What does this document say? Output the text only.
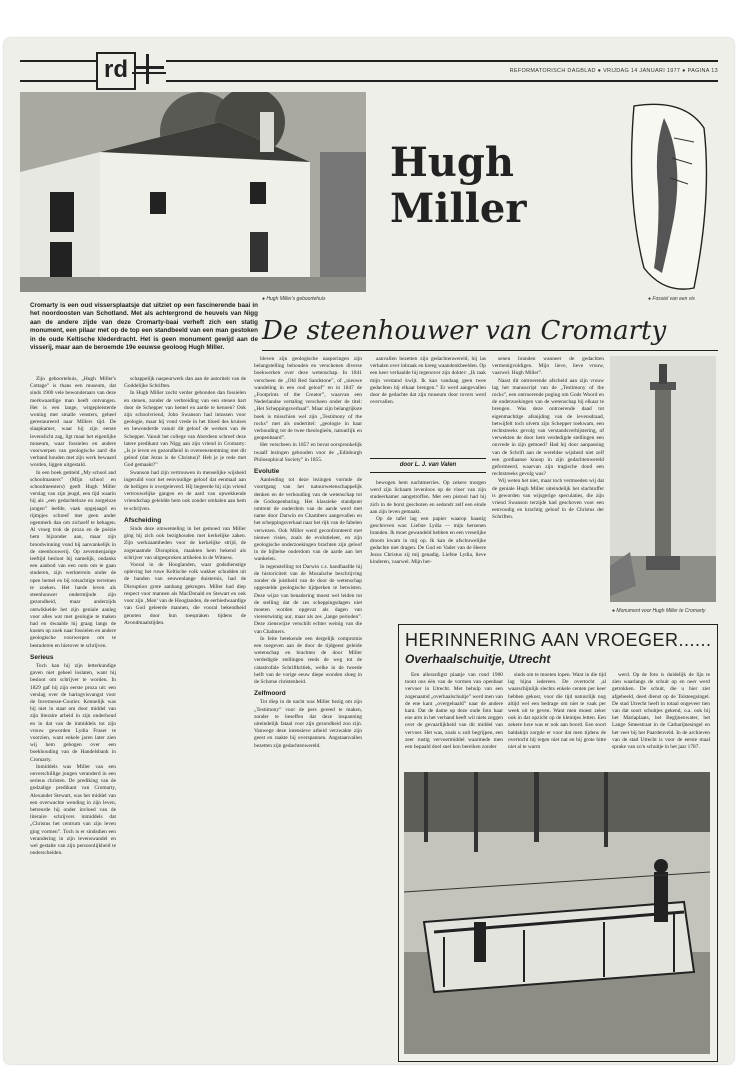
rd	REFORMATORISCH DAGBLAD ● VRIJDAG 14 JANUARI 1977 ● PAGINA 13
● Hugh Miller's geboortehuis
Hugh Miller
● Fossiel van een vis
De steenhouwer van Cromarty
Cromarty is een oud vissersplaatsje dat uitziet op een fascinerende baai in het noordoosten van Schotland. Met als achtergrond de heuvels van Nigg aan de andere zijde van deze Cromarty-baai verheft zich een statig monument, een pilaar met op de top een standbeeld van een man gestoken in de oude Keltische klederdracht. Het is geen monument gewijd aan de visserij, maar aan de beroemde 19e eeuwse geoloog Hugh Miller.

Zijn geboortehuis, „Hugh Miller's Cottage” is thans een museum, dat sinds 1900 vele bewonderaars van deze merkwaardige man heeft ontvangen. Het is een lange, witgepleisterde woning met smalle vensters, geheel gerestaureerd naar Millers tijd. De slaapkamer, waar hij zijn eerste levenslicht zag, ligt maar het eigenlijke museum, waar fossielen en andere voorwerpen van geologische aard die verband houden met zijn werk bewaard worden, liggen uitgestald.

In een boek getiteld „My school and schoolmasters” (Mijn school en schoolmeesters) geeft Hugh Miller verslag van zijn jeugd, een tijd waarin hij als „een gedachteloze en zorgeloze jongen” leefde, vaak opgejaagd en rijmpjes schreef met geen ander ogenmerk dan om zichzelf te behagen. Al vroeg trok de proza en de poëzie hem bijzonder aan, maar zijn broodwinning vond hij aanvankelijk in de steenhouwerij. Op zeventienjarige leeftijd besloot hij namelijk, ondanks een aanbod van een oom om te gaan studeren, zijn werkterrein onder de open hemel en bij rotsachtige terreinen te zoeken. Het harde leven als steenhouwer ondermijnde zijn gezondheid, maar anderzijds ontwikkelde het zijn geniale aanleg voor alles wat met geologie te maken had en dwaalde hij graag langs de kusten op zoek naar fossielen en andere geologische voorwerpen om te bestuderen en hierover te schrijven.

Serieus

Toch kan hij zijn letterkundige gaven niet geheel loslaten, want hij besloot om schrijver te worden. In 1829 gaf hij zijn eerste proza uit: een verslag over de haringvisvangst voor de Invernesse-Courier. Kennelijk was hij niet in staat om door middel van zijn literaire arbeid in zijn onderhoud en in dat van de inmiddels tot zijn vrouw geworden Lydia Fraser te voorzien, want enkele jaren later zien wij hem gebogen over een boekhouding van de Handelsbank in Cromarty.

Inmiddels was Miller van een onverschillige jongen veranderd in een serieus christen. De prediking van de godzalige predikant van Cromarty, Alexander Stewart, was het middel van een overwachte wending in zijn leven, betreurde hij onder invloed van de literaire schrijvers inmiddels dat „Christus het centrum van zijn leven ging vormen”. Toch is er sindsdien een verandering in zijn levenswandel en wel gestalte van zijn persoonlijkheid te onderscheiden.

schappelijk naspeurwerk dan aan de autoriteit van de Goddelijke Schriften.

In Hugh Miller zocht verder gebonden dan fossielen en stenen, zonder de verbreiding van een stenen hart door de Schepper van hemel en aarde te kennen? Ook zijn schoolvriend, John Swanson had intussen voor geologie, maar hij vond vrede in het bloed des kruises en bewonderde vanuit dit geloof de werken van de Schepper. Vanuit het college van Aberdeen schreef deze latere predikant van Nigg aan zijn vriend in Cromarty: „Is je leven en gezondheid in overeenstemming met dit geloof (dat Jezus is de Christus)? Heb je je rede met God gemaakt?”

Swanson had zijn vertrouwen in menselijke wijsheid ingeruild voor het eenvoudige geloof dat eenmaal aan de heiligen is overgeleverd. Hij begeerde bij zijn vriend vertrouwelijke gangen en de aard van opwekkende vriendschap geleidde hem ook zonder omhalen aan hem te schrijven.

Afscheiding

Sinds deze omwenteling in het gemoed van Miller ging hij zich ook bezighouden met kerkelijke zaken. Zijn werkzaamheden voor de kerkelijke strijd, de zogenaamde Disruption, maakten hem bekend als schrijver van uitgesproken artikelen in de Witness.

Vooral in de Hooglanden, waar godsdienstige opleving het ruwe Keltische volk wakker schudden uit de banden van eeuwenlange duisternis, had de Disruption grote aanhang gekregen. Miller had diep respect voor mannen als MacDonald en Stewart en ook voor zijn ‚Men’ van de Hooglanden, de eerbiedwaardige van God geleerde mannen, die vooral bekendheid genoten door hun toespraken tijdens de Avondmaalstijden.

bleven zijn geologische nasporingen zijn belangstelling behouden en verschenen diverse boekwerken over deze wetenschap. In 1841 verscheen de „Old Red Sandstone”, of „nieuwe wandeling in een oud geloof” en in 1847 de „Footprints of the Creator”, waarvan een Nederlandse vertaling verscheen onder de titel: „Het Scheppingsverhaal”. Maar zijn belangrijkste boek is misschien wel zijn „Testimony of the rocks” met als ondertitel: „geologie in haar verhouding tot de twee theologieën, natuurlijk en geopenbaard”.

Het verscheen in 1857 en bevat oorspronkelijk twaalf lezingen gehouden voor de „Edinburgh Philosophical Society” in 1855.

Evolutie

Aanleiding tot deze lezingen vormde de voortgang van het natuurwetenschappelijk denken en de verhouding van de wetenschap tot de Godsopenbaring. Het klassieke standpunt omtrent de ouderdom van de aarde werd met name door Darwin en Chambers aangevallen en het scheppingsverhaal naar het rijk van de fabelen verwezen. Ook Miller werd geconfronteerd met nieuwe visies, zoals de evolutieleer, en zijn geologische onderzoekingen brachten zijn geloof in de bijbelse ouderdom van de aarde aan het wankelen.

In tegenstelling tot Darwin c.s. handhaafde hij de historiciteit van de Mozaïsche beschrijving zonder de juistheid van de door de wetenschap opgestelde geologische tijdperken te betwisten. Deze wijze van benadering moest wel leiden tot de stelling dat de zes scheppingsdagen niet moeten worden opgevat als dagen van vierentwintig uur, maar als zes „lange perioden”. Deze zienswijze verschilt echter weinig van die van Chalmers.

In feite betekende een dergelijk compromis een toegeven aan de door de tijdgeest geleide wetenschap en brachten de door Miller verdedigde stellingen reeds de weg tot de catastrofale Schriftkritiek, welke in de tweede helft van de vorige eeuw diepe wonden sloeg in de Schotse christenheid.

Zelfmoord

Tot diep in de nacht was Miller bezig om zijn „Testimony” voor de pers gereed te maken, zonder te beseffen dat deze inspanning uiteindelijk fataal voor zijn gezondheid zou zijn. Vanwege deze intensieve arbeid verzwakte zijn geest en raakte hij overspannen. Angstaanvallen bezetten zijn gedachtenwereld.

aanvallen bezetten zijn gedachtenwereld, hij las verhalen over inbraak en kreeg waandenkbeelden. Op een keer verhaalde hij tegenover zijn dokter: „Ik raak mijn verstand kwijt. Ik kan vandaag geen twee gedachten bij elkaar brengen.” Er werd aangevallen door de gedachte dat zijn museum door rovers werd overvallen.

door L. J. van Valen

bewogen hem nachtmerries. Op zekere morgen werd zijn lichaam levenloos op de vloer van zijn studeerkamer aangetroffen. Met een pistool had hij zich in de borst geschoten en sedondr zelf een einde aan zijn leven gemaakt.

Op de tafel lag een papier waarop haastig geschreven was: Liefste Lydia — mijn hersenen branden. Ik moet gewandeld hebben en een vreselijke droom kwam in mij op. Ik kan de afschuwelijke gedachte niet dragen. De God en Vader van de Heere Jezus Christus zij mij genadig. Liefste Lydia, lieve kinderen, vaarwel. Mijn her-

senen branden wanneer de gedachten vermenigvuldigen. Mijn lieve, lieve vrouw, vaarwel. Hugh Miller”.

Naast dit ontroerende afscheid aan zijn vrouw lag het manuscript van de „Testimony of the rocks”, een ontroerende poging om Gods Woord en de onderzoekingen van de wetenschap bij elkaar te brengen. Was deze ontroerende daad tot eigenmachtige afsnijding van de levensdraad, betwijfelt toch ulvem zijn Schepper toekwam, een rechtstreeks gevolg van verstandsverbijstering, of verwekten de door hem verdedigde stellingen een onvrede in zijn gemoed? Had hij door aanpassing van de Schrift aan de wereldse wijsheid niet zelf een gordiaanse knoop in zijn gedachtenwereld geformeerd, waarvan zijn tragische dood een rechtstreeks gevolg was?

Wij weten het niet, maar toch vermoeden wij dat de geniale Hugh Miller uiteindelijk het slachtoffer is geworden van wijsgerige speculaties, die zijn vriend Swanson terzijde had geschoven voor een eenvoudig en krachtig geloof in de Christus der Schriften.

● Monument voor Hugh Miller te Cromarty
HERINNERING AAN VROEGER......
Overhaalschuitje, Utrecht

Een allerardigst plaatje van rond 1900 toont ons één van de vormen van openbaar vervoer in Utrecht. Met behulp van een zogenaamd „overhaalschuitje” werd men van de ene kant „overgehaald” naar de andere kant. Dat de dame op deze oude foto haar ene arm in het verband heeft wil niets zeggen over de gevaarlijkheid van dit middel van vervoer. Het was, zoals u zult begrijpen, een zeer rustig vervoermiddel waarmede men een bepaald doel snel kon bereiken zonder

sinds om te moeten lopen. Want in die tijd lag bijna iedereen. De overtocht ‚al waarschijnlijk slechts enkele centen per keer hebben gekost, voor die tijd natuurlijk nog altijd wel een bedrage om niet te vaak per week uit te geven. Want men moest zeker ook in dat opzicht op de kleintjes letten. Een zekere luxe was er ook aan boord. Een soort baldakijn zorgde er voor dat men tijdens de overtocht bij regen niet nat en bij grote hitte niet al te warm

werd. Op de foto is duidelijk de lijn te zien waarlangs de schuit op en neer werd getrokken. De schuit, die u hier ziet afgebeeld, deed dienst op de Tolsteegsingel. De stad Utrecht heeft in totaal ongeveer tien van dat soort schuitjes gekend, o.a. ook bij het Mariaplaats, het Begijnenwater, het Lange Smeestraat in de Catharijnesingel en het veer bij het Paardenveld. In de archieven van de stad Utrecht is voor de eerste maal sprake van zo'n schuitje in het jaar 1787.
